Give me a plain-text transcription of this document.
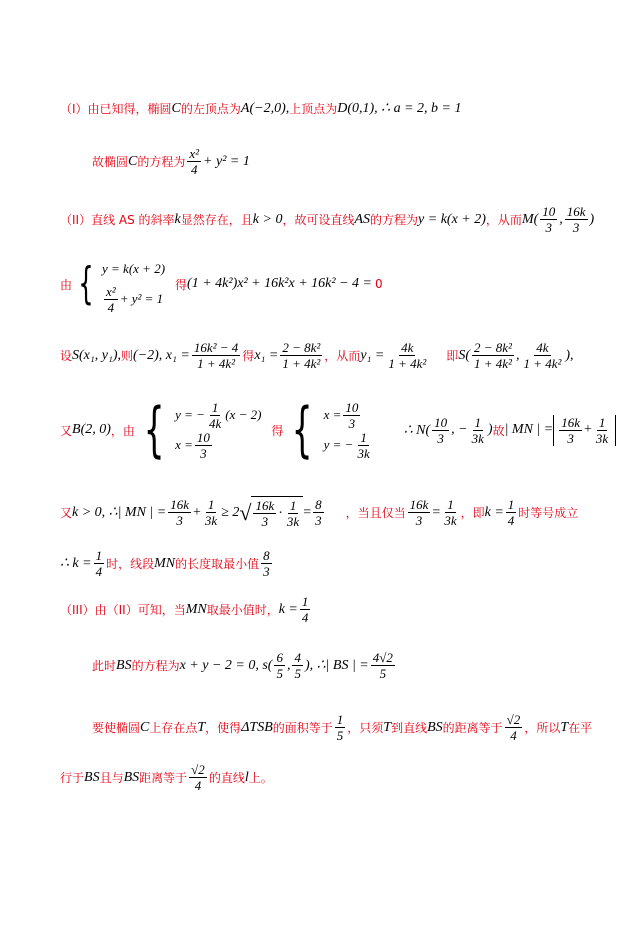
（I）由已知得，椭圆 C 的左顶点为 A(−2,0), 上顶点为 D(0,1), ∴ a = 2, b = 1
故椭圆 C 的方程为 $\frac{\text{x²}}{4} + y^2 = 1$
（II）直线 AS 的斜率 k 显然存在，且 k > 0 ，故可设直线 AS 的方程为 y = k(x + 2) ，从而 $M( \frac{10}{3}$ , $\frac{16k}{3}$ )
由 { y = k(x + 2)
$\frac{\text{x²}}{4} + y^2 = 1$
得 (1 + 4k²)x² + 16k²x + 16k² − 4 = 0
设 S(x₁, y₁), 则 (−2), $x_1 = \frac{\text{16k² − 4}}{\text{1 + 4k²}}$ 得 $x_1 = \frac{\text{2 − 8k²}}{\text{1 + 4k²}}$ ，从而 $y_1 = \frac{4k}{\text{1 + 4k²}}$ 即 $S( \frac{\text{2 − 8k²}}{\text{1 + 4k²}}$ , $\frac{4k}{\text{1 + 4k²}}$ ),
又 B(2, 0) ，由 { y = − $\frac{1}{4k} (x - 2)$
$x = \frac{10}{3}$	得 { $x = \frac{10}{3}$
y = − $\frac{1}{3k}$ ∴ $N( \frac{10}{3}$ , − $\frac{1}{3k}$ ) 故 | MN | = $\frac{16k}{3} + \frac{1}{3k}$
又 k > 0, ∴| MN | = $\frac{16k}{3} + \frac{1}{3k} \ge 2$ √ $\frac{16k}{3} \cdot \frac{1}{3k} = \frac{8}{3}$ ，当且仅当 $\frac{16k}{3} = \frac{1}{3k}$ ，即 $k = \frac{1}{4}$ 时等号成立
∴ $k = \frac{1}{4}$ 时，线段 MN 的长度取最小值 $\frac{8}{3}$
（III）由（II）可知，当 MN 取最小值时， $k = \frac{1}{4}$
此时 BS 的方程为 x + y − 2 = 0, $s( \frac{6}{5}$ , $\frac{4}{5}$ ), ∴| BS | = $\frac{4√2}{5}$
要使椭圆 C 上存在点 T ，使得 ΔTSB 的面积等于 $\frac{1}{5}$ ，只须 T 到直线 BS 的距离等于 $\frac{√2}{4}$ ，所以 T 在平
行于 BS 且与 BS 距离等于 $\frac{√2}{4}$ 的直线 l 上。
